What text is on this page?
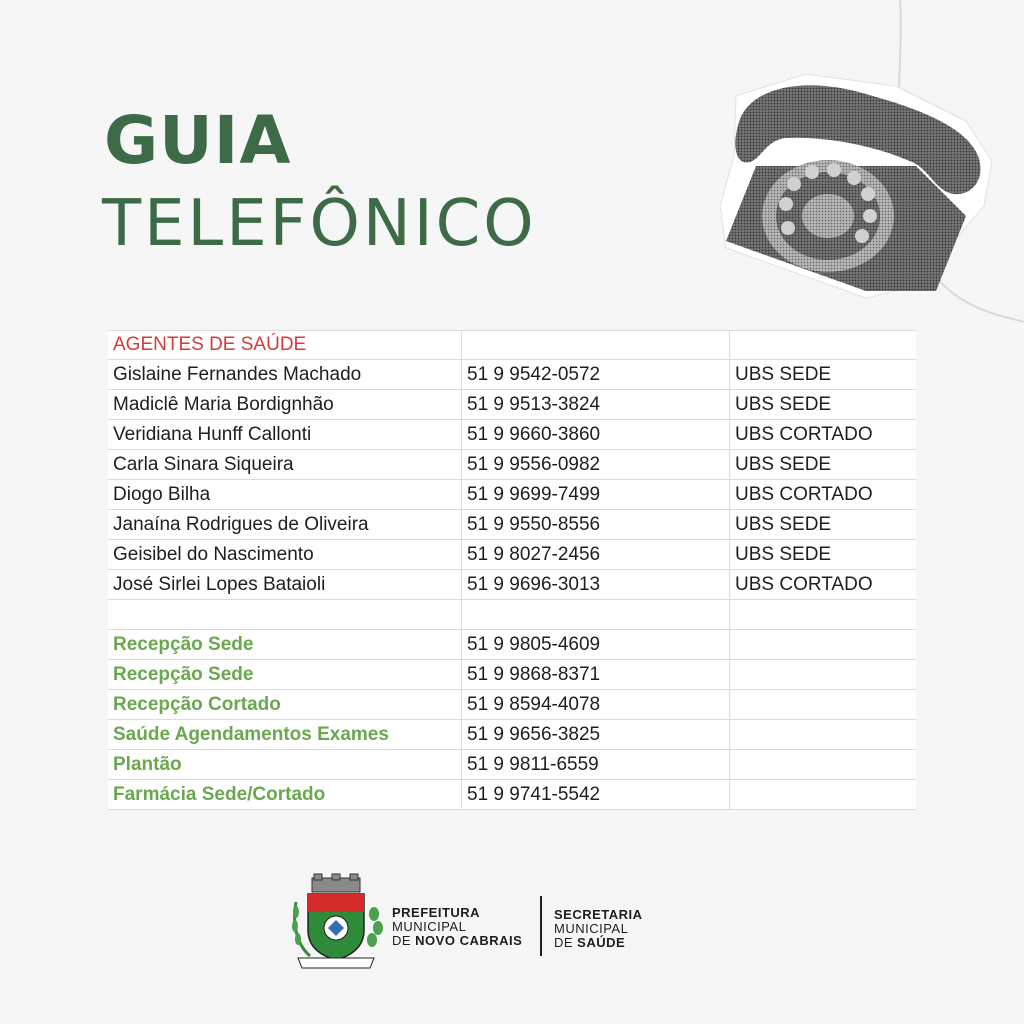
GUIA
TELEFÔNICO
AGENTES DE SAÚDE
Gislaine Fernandes Machado	51 9 9542-0572	UBS SEDE
Madiclê Maria Bordignhão	51 9 9513-3824	UBS SEDE
Veridiana Hunff Callonti	51 9 9660-3860	UBS CORTADO
Carla Sinara Siqueira	51 9 9556-0982	UBS SEDE
Diogo Bilha	51 9 9699-7499	UBS CORTADO
Janaína Rodrigues de Oliveira	51 9 9550-8556	UBS SEDE
Geisibel do Nascimento	51 9 8027-2456	UBS SEDE
José Sirlei Lopes Bataioli	51 9 9696-3013	UBS CORTADO
Recepção Sede	51 9 9805-4609
Recepção Sede	51 9 9868-8371
Recepção Cortado	51 9 8594-4078
Saúde Agendamentos Exames	51 9 9656-3825
Plantão	51 9 9811-6559
Farmácia Sede/Cortado	51 9 9741-5542
PREFEITURA
MUNICIPAL
DE NOVO CABRAIS
SECRETARIA
MUNICIPAL
DE SAÚDE
